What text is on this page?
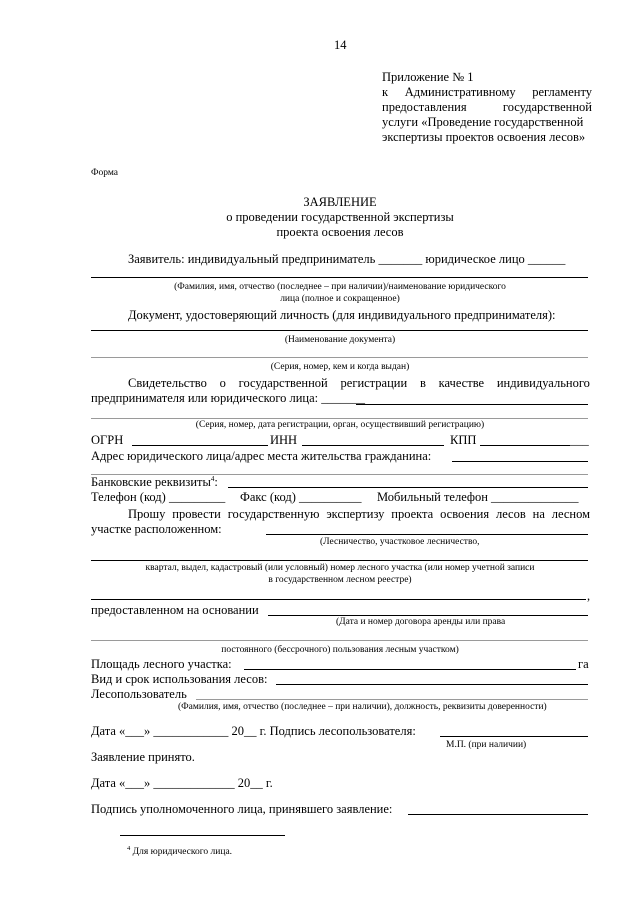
14
Приложение № 1
к Административному регламенту
предоставления	государственной
услуги «Проведение государственной
экспертизы проектов освоения лесов»
Форма
ЗАЯВЛЕНИЕ
о проведении государственной экспертизы
проекта освоения лесов
Заявитель: индивидуальный предприниматель _______ юридическое лицо ______
(Фамилия, имя, отчество (последнее – при наличии)/наименование юридического
лица (полное и сокращенное)
Документ, удостоверяющий личность (для индивидуального предпринимателя):
(Наименование документа)
(Серия, номер, кем и когда выдан)
Свидетельство о государственной регистрации в качестве индивидуального
предпринимателя или юридического лица: _______
(Серия, номер, дата регистрации, орган, осуществивший регистрацию)
ОГРН	ИНН	КПП	___
Адрес юридического лица/адрес места жительства гражданина:
Банковские реквизиты$^4$:
Телефон (код) _________ Факс (код) __________ Мобильный телефон ______________
Прошу провести государственную экспертизу проекта освоения лесов на лесном
участке расположенном:
(Лесничество, участковое лесничество,
квартал, выдел, кадастровый (или условный) номер лесного участка (или номер учетной записи
в государственном лесном реестре)
,
предоставленном на основании
(Дата и номер договора аренды или права
постоянного (бессрочного) пользования лесным участком)
Площадь лесного участка:	га
Вид и срок использования лесов:
Лесопользователь
(Фамилия, имя, отчество (последнее – при наличии), должность, реквизиты доверенности)
Дата «___» ____________ 20__ г. Подпись лесопользователя:
М.П. (при наличии)
Заявление принято.
Дата «___» _____________ 20__ г.
Подпись уполномоченного лица, принявшего заявление:
$^4$ Для юридического лица.
